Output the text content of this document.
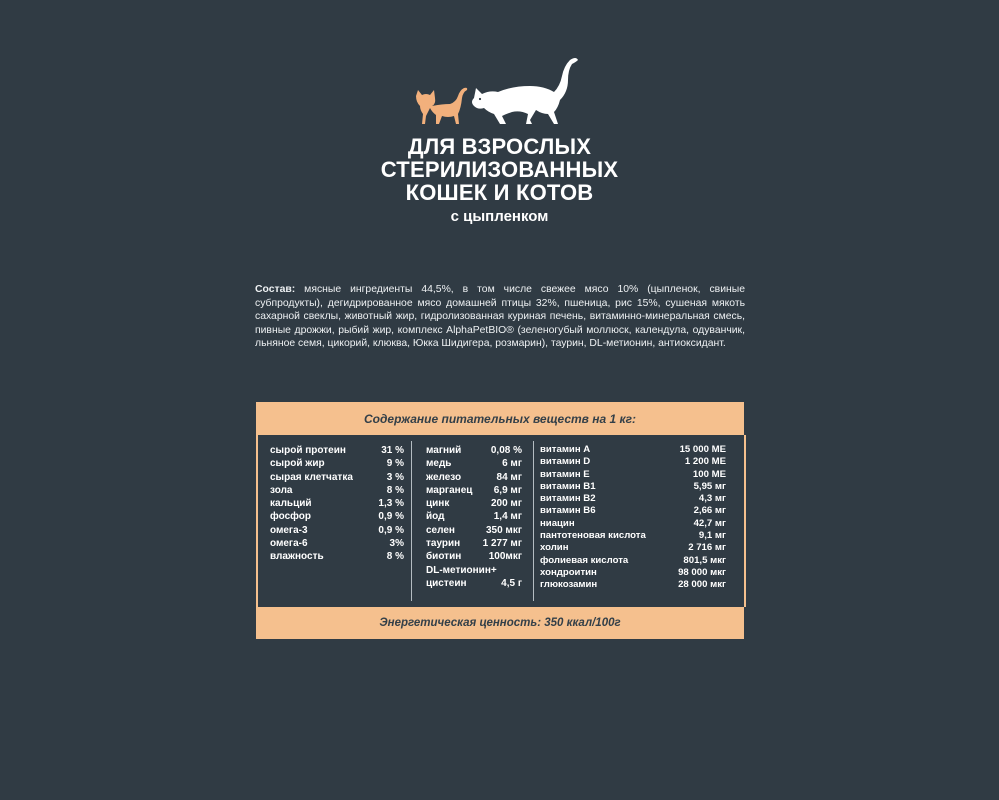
ДЛЯ ВЗРОСЛЫХ
СТЕРИЛИЗОВАННЫХ
КОШЕК И КОТОВ
с цыпленком
Состав: мясные ингредиенты 44,5%, в том числе свежее мясо 10% (цыпленок, свиные субпродукты), дегидрированное мясо домашней птицы 32%, пшеница, рис 15%, сушеная мякоть сахарной свеклы, животный жир, гидролизованная куриная печень, витаминно-минеральная смесь, пивные дрожжи, рыбий жир, комплекс AlphaPetBIO® (зеленогубый моллюск, календула, одуванчик, льняное семя, цикорий, клюква, Юкка Шидигера, розмарин), таурин, DL-метионин, антиоксидант.
Содержание питательных веществ на 1 кг:
сырой протеин	31 %
сырой жир	9 %
сырая клетчатка	3 %
зола	8 %
кальций	1,3 %
фосфор	0,9 %
омега-3	0,9 %
омега-6	3%
влажность	8 %
магний	0,08 %
медь	6 мг
железо	84 мг
марганец 6,9 мг
цинк	200 мг
йод	1,4 мг
селен	350 мкг
таурин 1 277 мг
биотин	100мкг
DL-метионин+
цистеин	4,5 г
витамин A	15 000 МЕ
витамин D	1 200 МЕ
витамин E	100 МЕ
витамин B1	5,95 мг
витамин B2	4,3 мг
витамин B6	2,66 мг
ниацин	42,7 мг
пантотеновая кислота	9,1 мг
холин	2 716 мг
фолиевая кислота	801,5 мкг
хондроитин	98 000 мкг
глюкозамин	28 000 мкг
Энергетическая ценность: 350 ккал/100г
